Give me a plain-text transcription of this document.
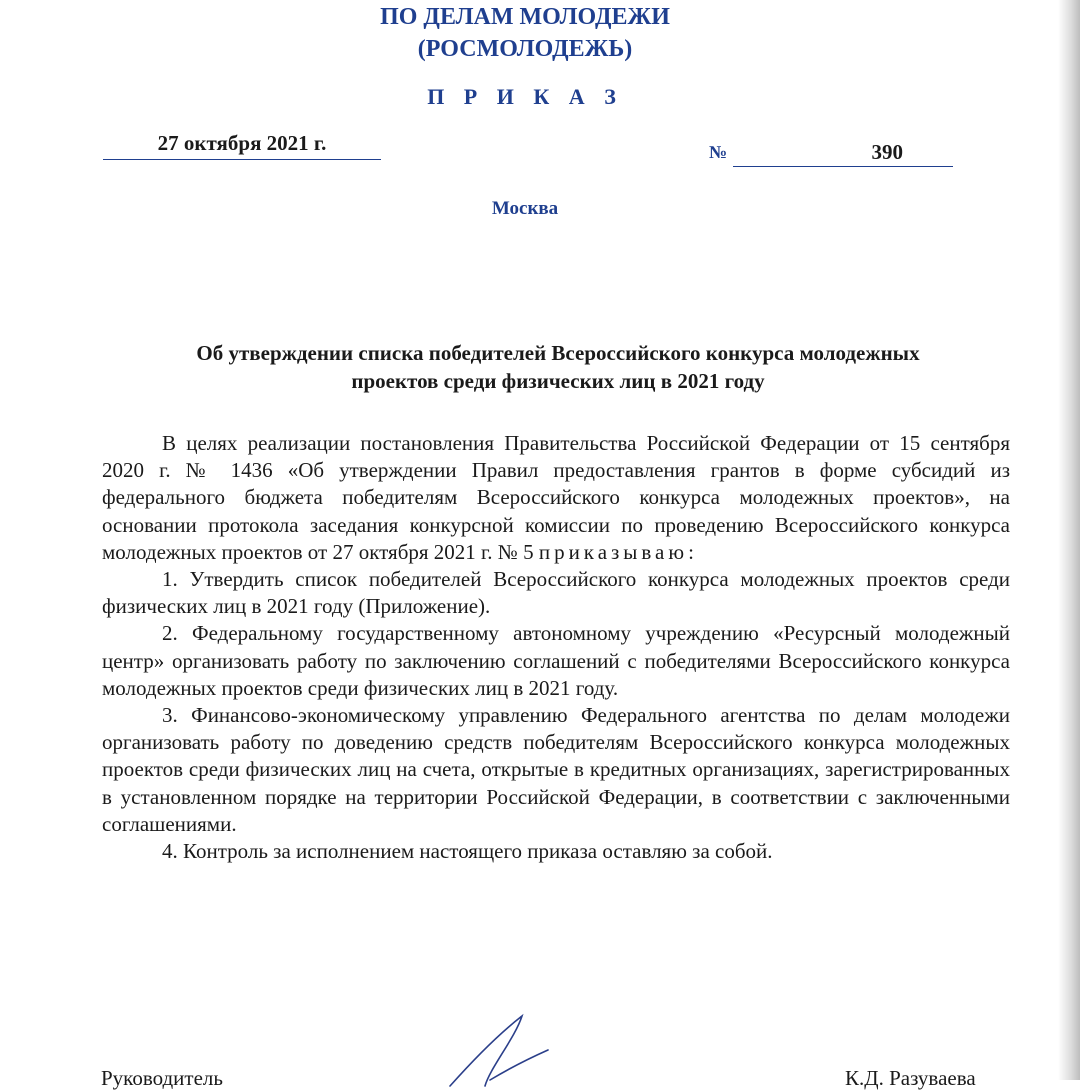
ПО ДЕЛАМ МОЛОДЕЖИ
(РОСМОЛОДЕЖЬ)
П Р И К А З
27 октября 2021 г.	№	390
Москва
Об утверждении списка победителей Всероссийского конкурса молодежных
проектов среди физических лиц в 2021 году

В целях реализации постановления Правительства Российской Федерации от 15 сентября 2020 г. № 1436 «Об утверждении Правил предоставления грантов в форме субсидий из федерального бюджета победителям Всероссийского конкурса молодежных проектов», на основании протокола заседания конкурсной комиссии по проведению Всероссийского конкурса молодежных проектов от 27 октября 2021 г. № 5 приказываю:

1. Утвердить список победителей Всероссийского конкурса молодежных проектов среди физических лиц в 2021 году (Приложение).

2. Федеральному государственному автономному учреждению «Ресурсный молодежный центр» организовать работу по заключению соглашений с победителями Всероссийского конкурса молодежных проектов среди физических лиц в 2021 году.

3. Финансово-экономическому управлению Федерального агентства по делам молодежи организовать работу по доведению средств победителям Всероссийского конкурса молодежных проектов среди физических лиц на счета, открытые в кредитных организациях, зарегистрированных в установленном порядке на территории Российской Федерации, в соответствии с заключенными соглашениями.

4. Контроль за исполнением настоящего приказа оставляю за собой.

Руководитель	К.Д. Разуваева
